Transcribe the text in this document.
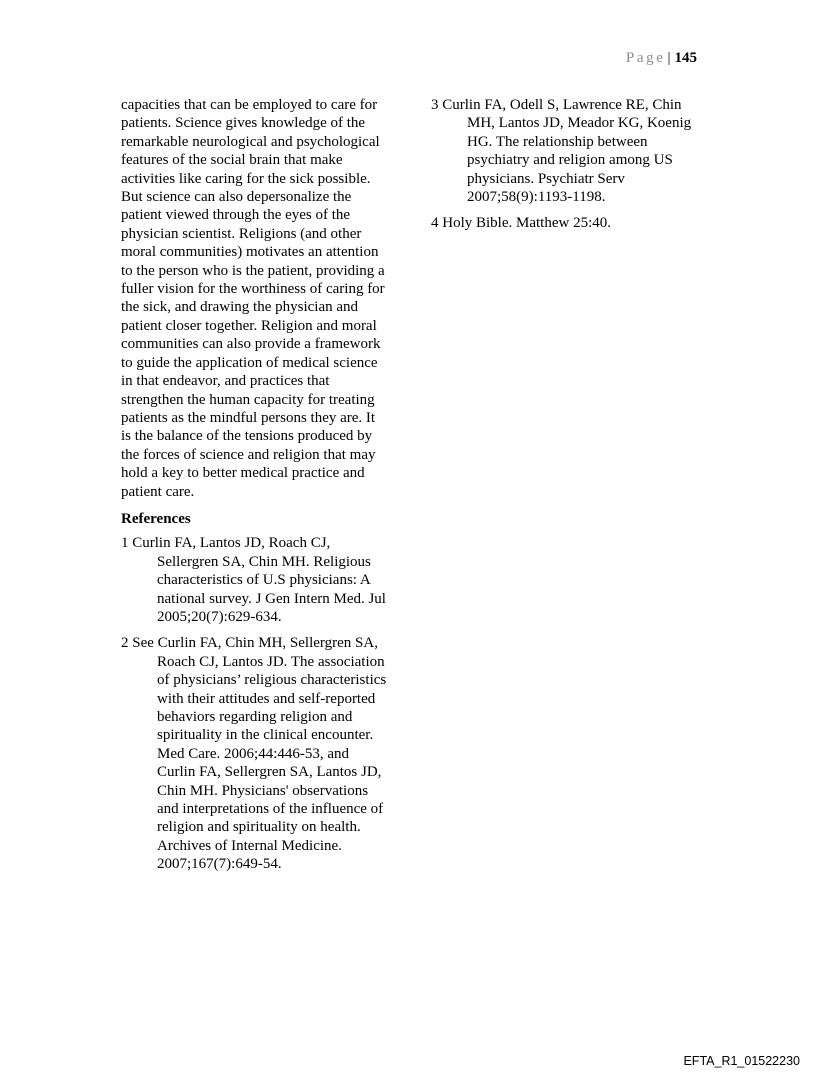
Page | 145

capacities that can be employed to care for patients. Science gives knowledge of the remarkable neurological and psychological features of the social brain that make activities like caring for the sick possible. But science can also depersonalize the patient viewed through the eyes of the physician scientist. Religions (and other moral communities) motivates an attention to the person who is the patient, providing a fuller vision for the worthiness of caring for the sick, and drawing the physician and patient closer together. Religion and moral communities can also provide a framework to guide the application of medical science in that endeavor, and practices that strengthen the human capacity for treating patients as the mindful persons they are. It is the balance of the tensions produced by the forces of science and religion that may hold a key to better medical practice and patient care.

References

1 Curlin FA, Lantos JD, Roach CJ, Sellergren SA, Chin MH. Religious characteristics of U.S physicians: A national survey. J Gen Intern Med. Jul 2005;20(7):629-634.

2 See Curlin FA, Chin MH, Sellergren SA, Roach CJ, Lantos JD. The association of physicians’ religious characteristics with their attitudes and self-reported behaviors regarding religion and spirituality in the clinical encounter. Med Care. 2006;44:446-53, and Curlin FA, Sellergren SA, Lantos JD, Chin MH. Physicians' observations and interpretations of the influence of religion and spirituality on health. Archives of Internal Medicine. 2007;167(7):649-54.

3 Curlin FA, Odell S, Lawrence RE, Chin MH, Lantos JD, Meador KG, Koenig HG. The relationship between psychiatry and religion among US physicians. Psychiatr Serv 2007;58(9):1193-1198.

4 Holy Bible. Matthew 25:40.

EFTA_R1_01522230
